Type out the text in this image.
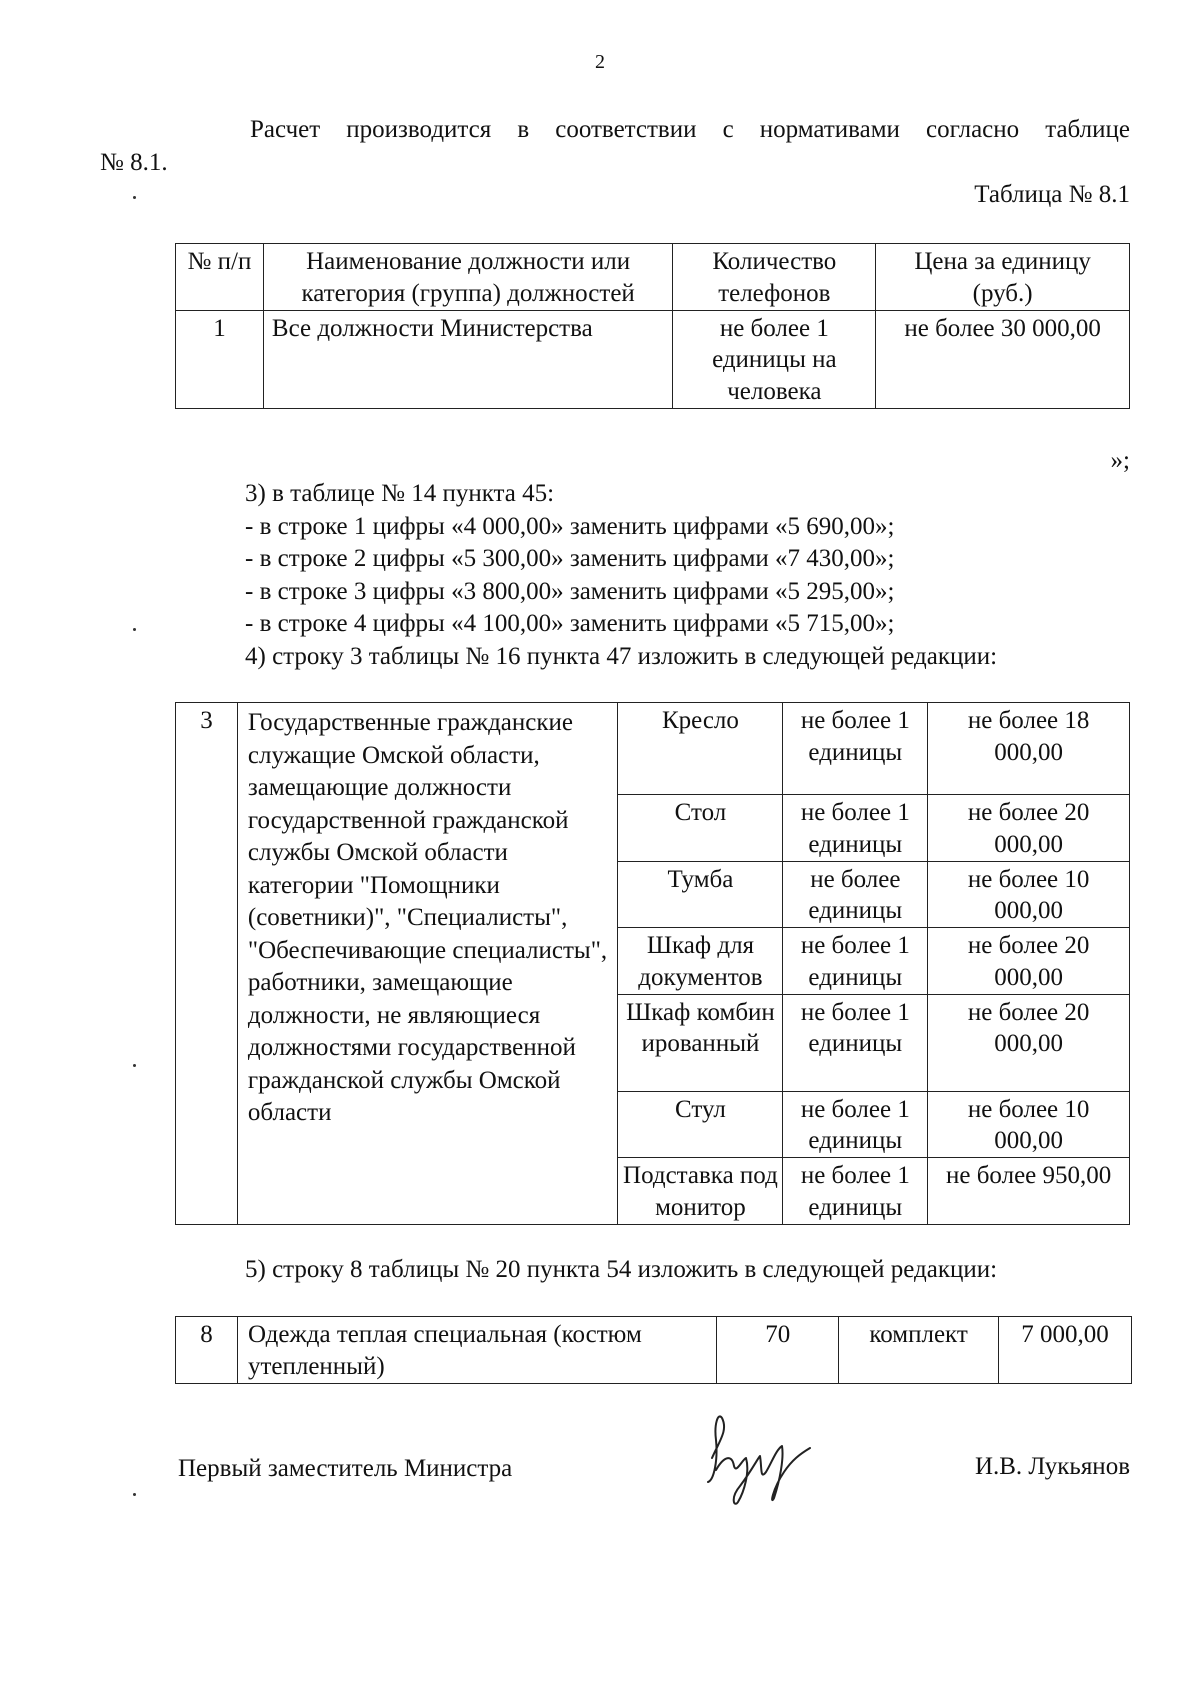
2
Расчет производится в соответствии с нормативами согласно таблице
№ 8.1.
Таблица № 8.1
№ п/п	Наименование должности или категория (группа) должностей	Количество телефонов	Цена за единицу (руб.)
1	Все должности Министерства	не более 1 единицы на человека	не более 30 000,00
»;
3) в таблице № 14 пункта 45:
- в строке 1 цифры «4 000,00» заменить цифрами «5 690,00»;
- в строке 2 цифры «5 300,00» заменить цифрами «7 430,00»;
- в строке 3 цифры «3 800,00» заменить цифрами «5 295,00»;
- в строке 4 цифры «4 100,00» заменить цифрами «5 715,00»;
4) строку 3 таблицы № 16 пункта 47 изложить в следующей редакции:
3	Государственные гражданские служащие Омской области, замещающие должности государственной гражданской службы Омской области категории "Помощники (советники)", "Специалисты", "Обеспечивающие специалисты", работники, замещающие должности, не являющиеся должностями государственной гражданской службы Омской области	Кресло	не более 1 единицы	не более 18 000,00
		Стол	не более 1 единицы	не более 20 000,00
		Тумба	не более единицы	не более 10 000,00
		Шкаф для документов	не более 1 единицы	не более 20 000,00
		Шкаф комбинированный	не более 1 единицы	не более 20 000,00
		Стул	не более 1 единицы	не более 10 000,00
		Подставка под монитор	не более 1 единицы	не более 950,00
5) строку 8 таблицы № 20 пункта 54 изложить в следующей редакции:
8	Одежда теплая специальная (костюм утепленный)	70	комплект	7 000,00
Первый заместитель Министра	И.В. Лукьянов
